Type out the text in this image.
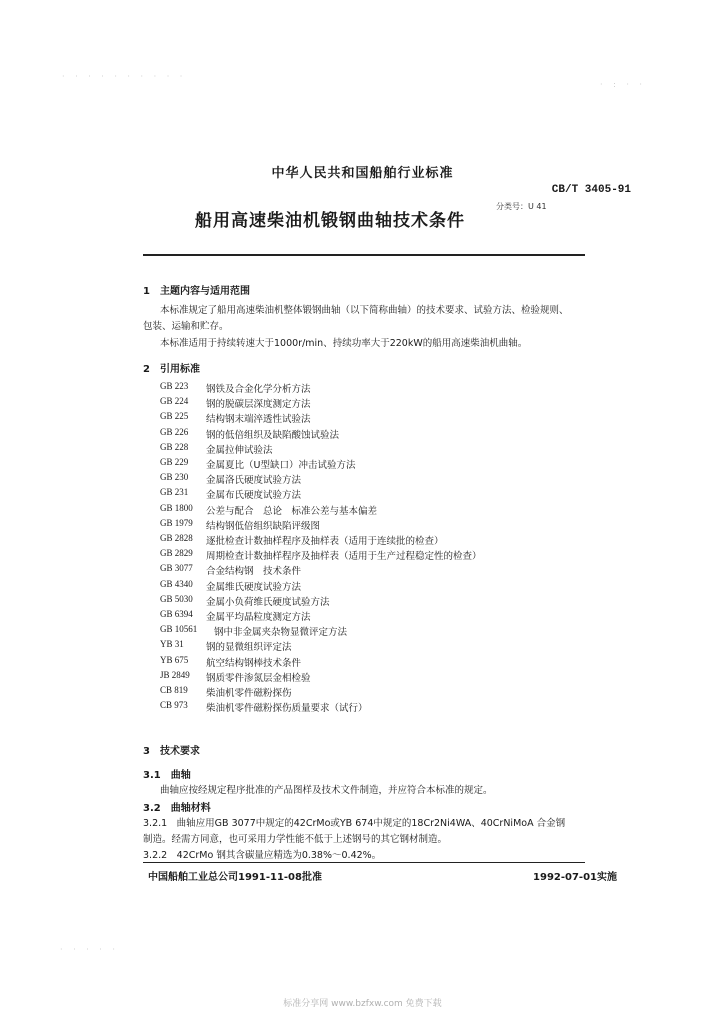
· · · · · · · · · ·
· : · ·
· · · · ·
中华人民共和国船舶行业标准
CB/T 3405-91
分类号：U 41
船用高速柴油机锻钢曲轴技术条件
1　主题内容与适用范围
本标准规定了船用高速柴油机整体锻钢曲轴（以下简称曲轴）的技术要求、试验方法、检验规则、
包装、运输和贮存。
本标准适用于持续转速大于1000r/min、持续功率大于220kW的船用高速柴油机曲轴。
2　引用标准
GB 223 钢铁及合金化学分析方法
GB 224 钢的脱碳层深度测定方法
GB 225 结构钢末端淬透性试验法
GB 226 钢的低倍组织及缺陷酸蚀试验法
GB 228 金属拉伸试验法
GB 229 金属夏比（U型缺口）冲击试验方法
GB 230 金属洛氏硬度试验方法
GB 231 金属布氏硬度试验方法
GB 1800 公差与配合　总论　标准公差与基本偏差
GB 1979 结构钢低倍组织缺陷评级图
GB 2828 逐批检查计数抽样程序及抽样表（适用于连续批的检查）
GB 2829 周期检查计数抽样程序及抽样表（适用于生产过程稳定性的检查）
GB 3077 合金结构钢　技术条件
GB 4340 金属维氏硬度试验方法
GB 5030 金属小负荷维氏硬度试验方法
GB 6394 金属平均晶粒度测定方法
GB 10561 钢中非金属夹杂物显微评定方法
YB 31 钢的显微组织评定法
YB 675 航空结构钢棒技术条件
JB 2849 钢质零件渗氮层金相检验
CB 819 柴油机零件磁粉探伤
CB 973 柴油机零件磁粉探伤质量要求（试行）
3　技术要求
3.1　曲轴
曲轴应按经规定程序批准的产品图样及技术文件制造，并应符合本标准的规定。
3.2　曲轴材料
3.2.1　曲轴应用GB 3077中规定的42CrMo或YB 674中规定的18Cr2Ni4WA、40CrNiMoA 合金钢
制造。经需方同意，也可采用力学性能不低于上述钢号的其它钢材制造。
3.2.2　42CrMo 钢其含碳量应精选为0.38%～0.42%。
中国船舶工业总公司1991-11-08批准	1992-07-01实施
标准分享网 www.bzfxw.com 免费下载
